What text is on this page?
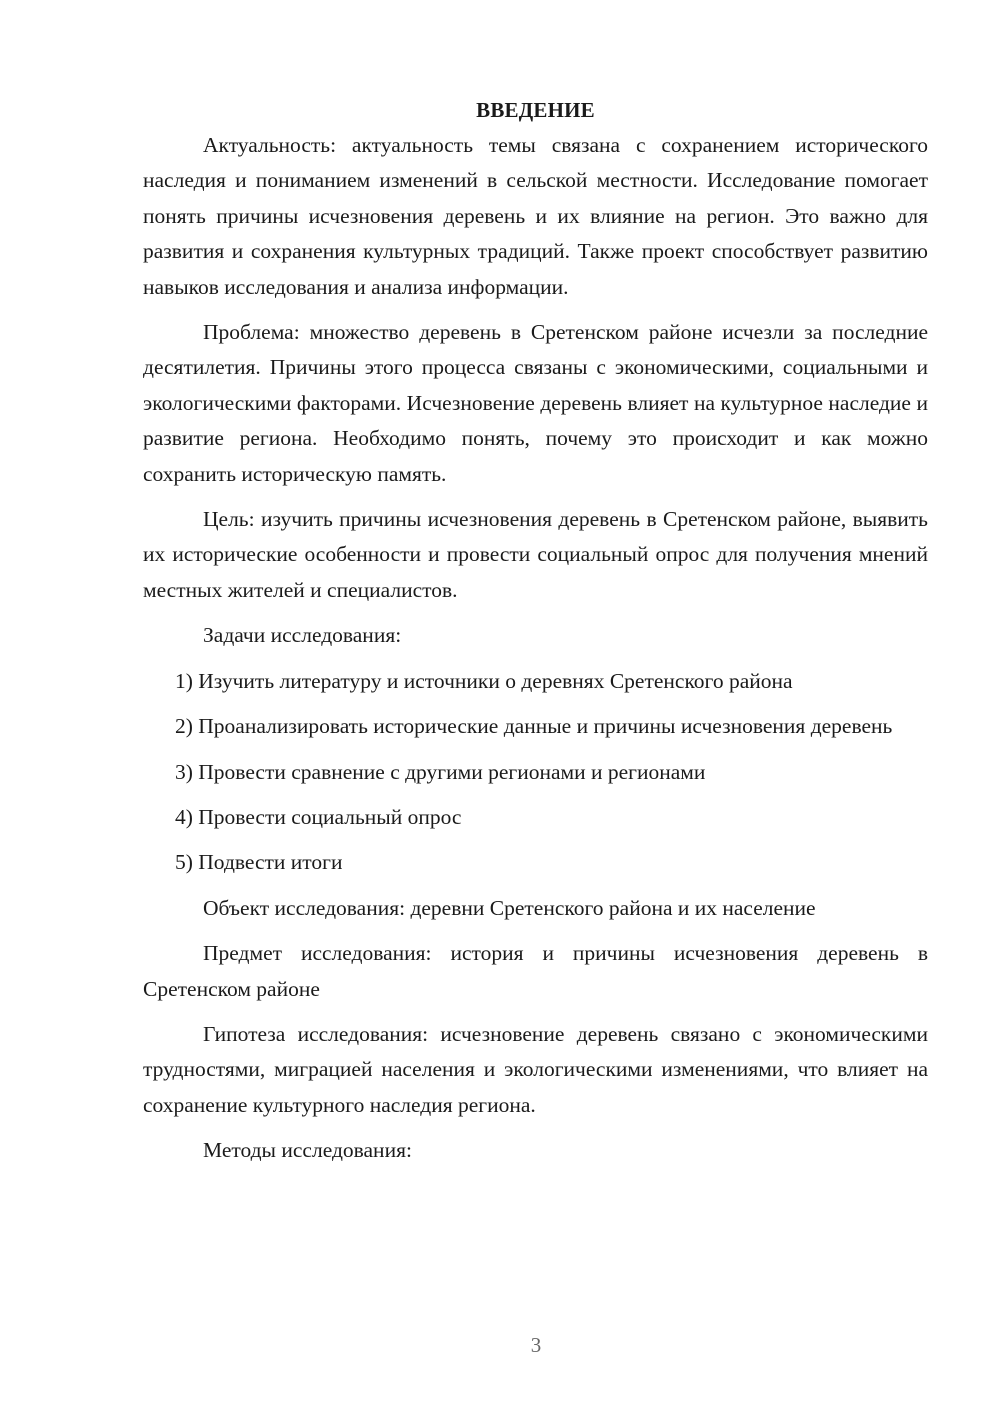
ВВЕДЕНИЕ

Актуальность: актуальность темы связана с сохранением исторического наследия и пониманием изменений в сельской местности. Исследование помогает понять причины исчезновения деревень и их влияние на регион. Это важно для развития и сохранения культурных традиций. Также проект способствует развитию навыков исследования и анализа информации.

Проблема: множество деревень в Сретенском районе исчезли за последние десятилетия. Причины этого процесса связаны с экономическими, социальными и экологическими факторами. Исчезновение деревень влияет на культурное наследие и развитие региона. Необходимо понять, почему это происходит и как можно сохранить историческую память.

Цель: изучить причины исчезновения деревень в Сретенском районе, выявить их исторические особенности и провести социальный опрос для получения мнений местных жителей и специалистов.

Задачи исследования:

1) Изучить литературу и источники о деревнях Сретенского района

2) Проанализировать исторические данные и причины исчезновения деревень

3) Провести сравнение с другими регионами и регионами

4) Провести социальный опрос

5) Подвести итоги

Объект исследования: деревни Сретенского района и их население

Предмет исследования: история и причины исчезновения деревень в Сретенском районе

Гипотеза исследования: исчезновение деревень связано с экономическими трудностями, миграцией населения и экологическими изменениями, что влияет на сохранение культурного наследия региона.

Методы исследования:

3
